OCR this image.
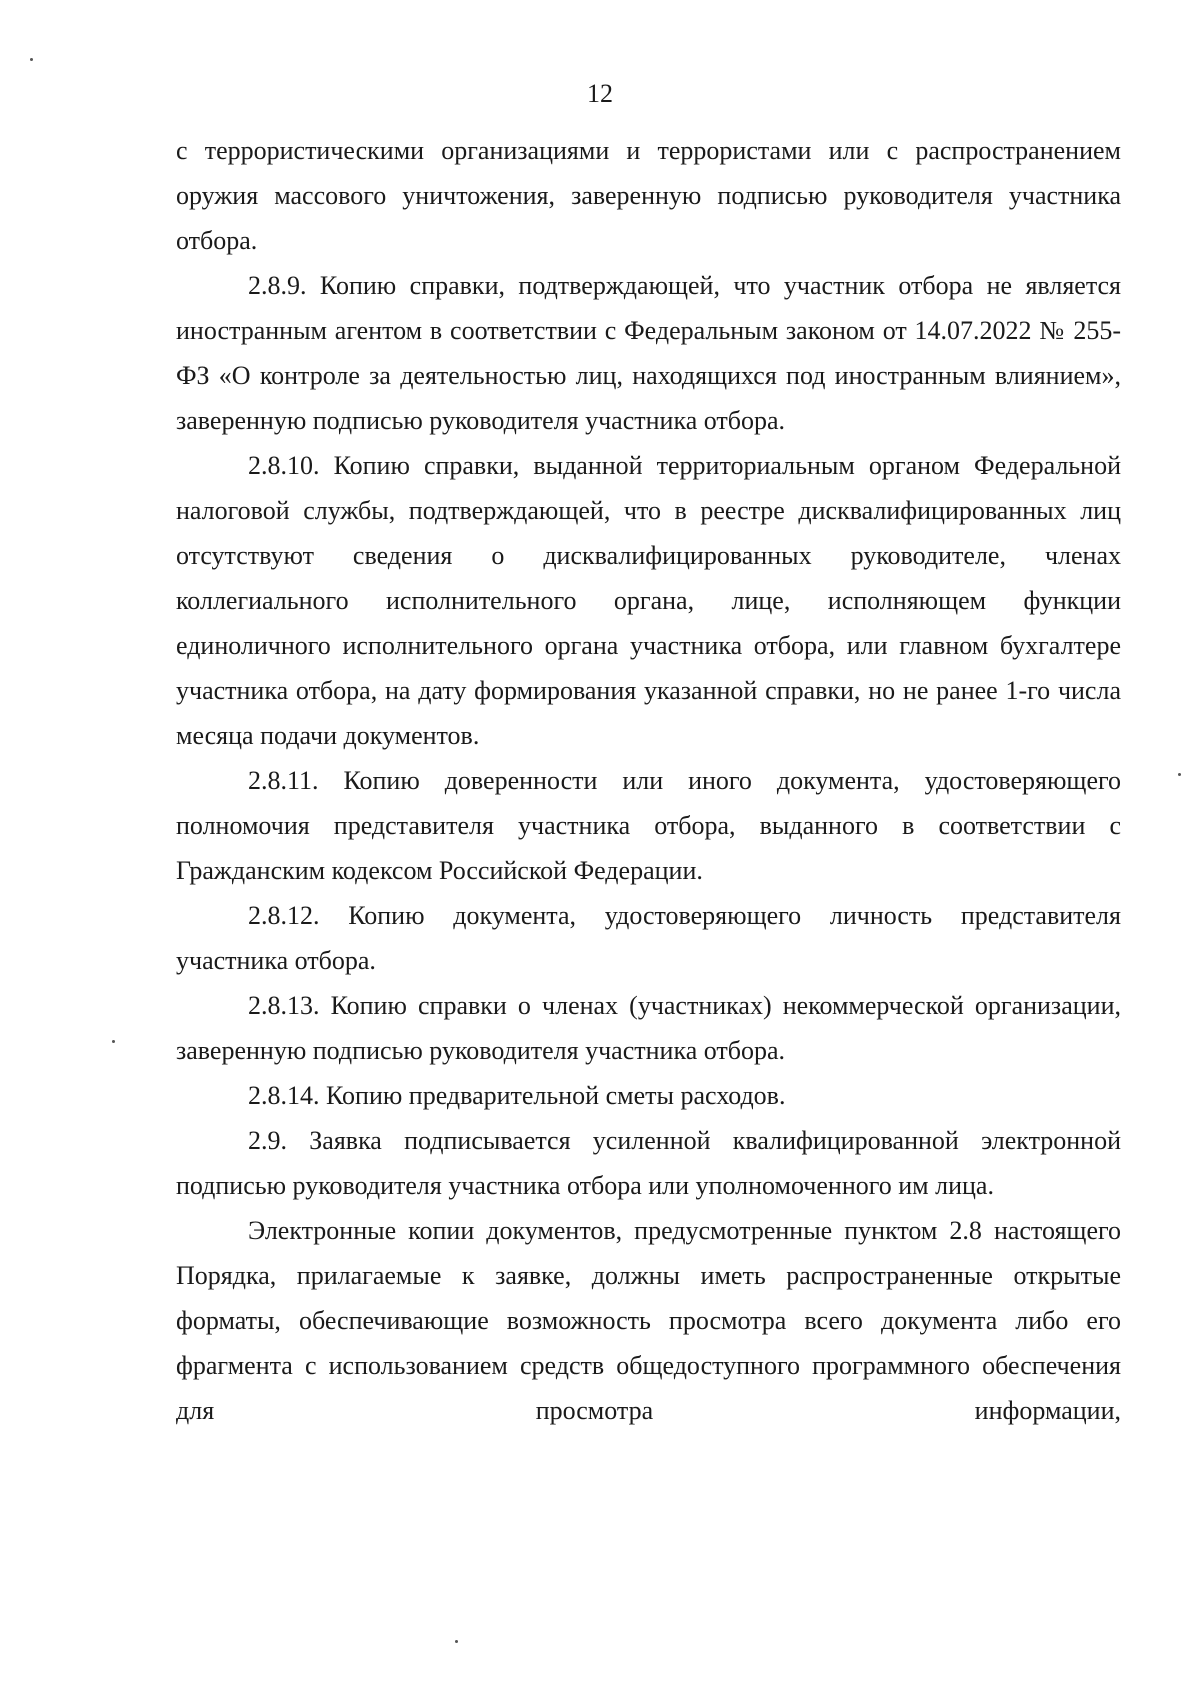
12

с террористическими организациями и террористами или с распространением оружия массового уничтожения, заверенную подписью руководителя участника отбора.

2.8.9. Копию справки, подтверждающей, что участник отбора не является иностранным агентом в соответствии с Федеральным законом от 14.07.2022 № 255-ФЗ «О контроле за деятельностью лиц, находящихся под иностранным влиянием», заверенную подписью руководителя участника отбора.

2.8.10. Копию справки, выданной территориальным органом Федеральной налоговой службы, подтверждающей, что в реестре дисквалифицированных лиц отсутствуют сведения о дисквалифицированных руководителе, членах коллегиального исполнительного органа, лице, исполняющем функции единоличного исполнительного органа участника отбора, или главном бухгалтере участника отбора, на дату формирования указанной справки, но не ранее 1-го числа месяца подачи документов.

2.8.11. Копию доверенности или иного документа, удостоверяющего полномочия представителя участника отбора, выданного в соответствии с Гражданским кодексом Российской Федерации.

2.8.12. Копию документа, удостоверяющего личность представителя участника отбора.

2.8.13. Копию справки о членах (участниках) некоммерческой организации, заверенную подписью руководителя участника отбора.

2.8.14. Копию предварительной сметы расходов.

2.9. Заявка подписывается усиленной квалифицированной электронной подписью руководителя участника отбора или уполномоченного им лица.

Электронные копии документов, предусмотренные пунктом 2.8 настоящего Порядка, прилагаемые к заявке, должны иметь распространенные открытые форматы, обеспечивающие возможность просмотра всего документа либо его фрагмента с использованием средств общедоступного программного обеспечения для просмотра информации,
